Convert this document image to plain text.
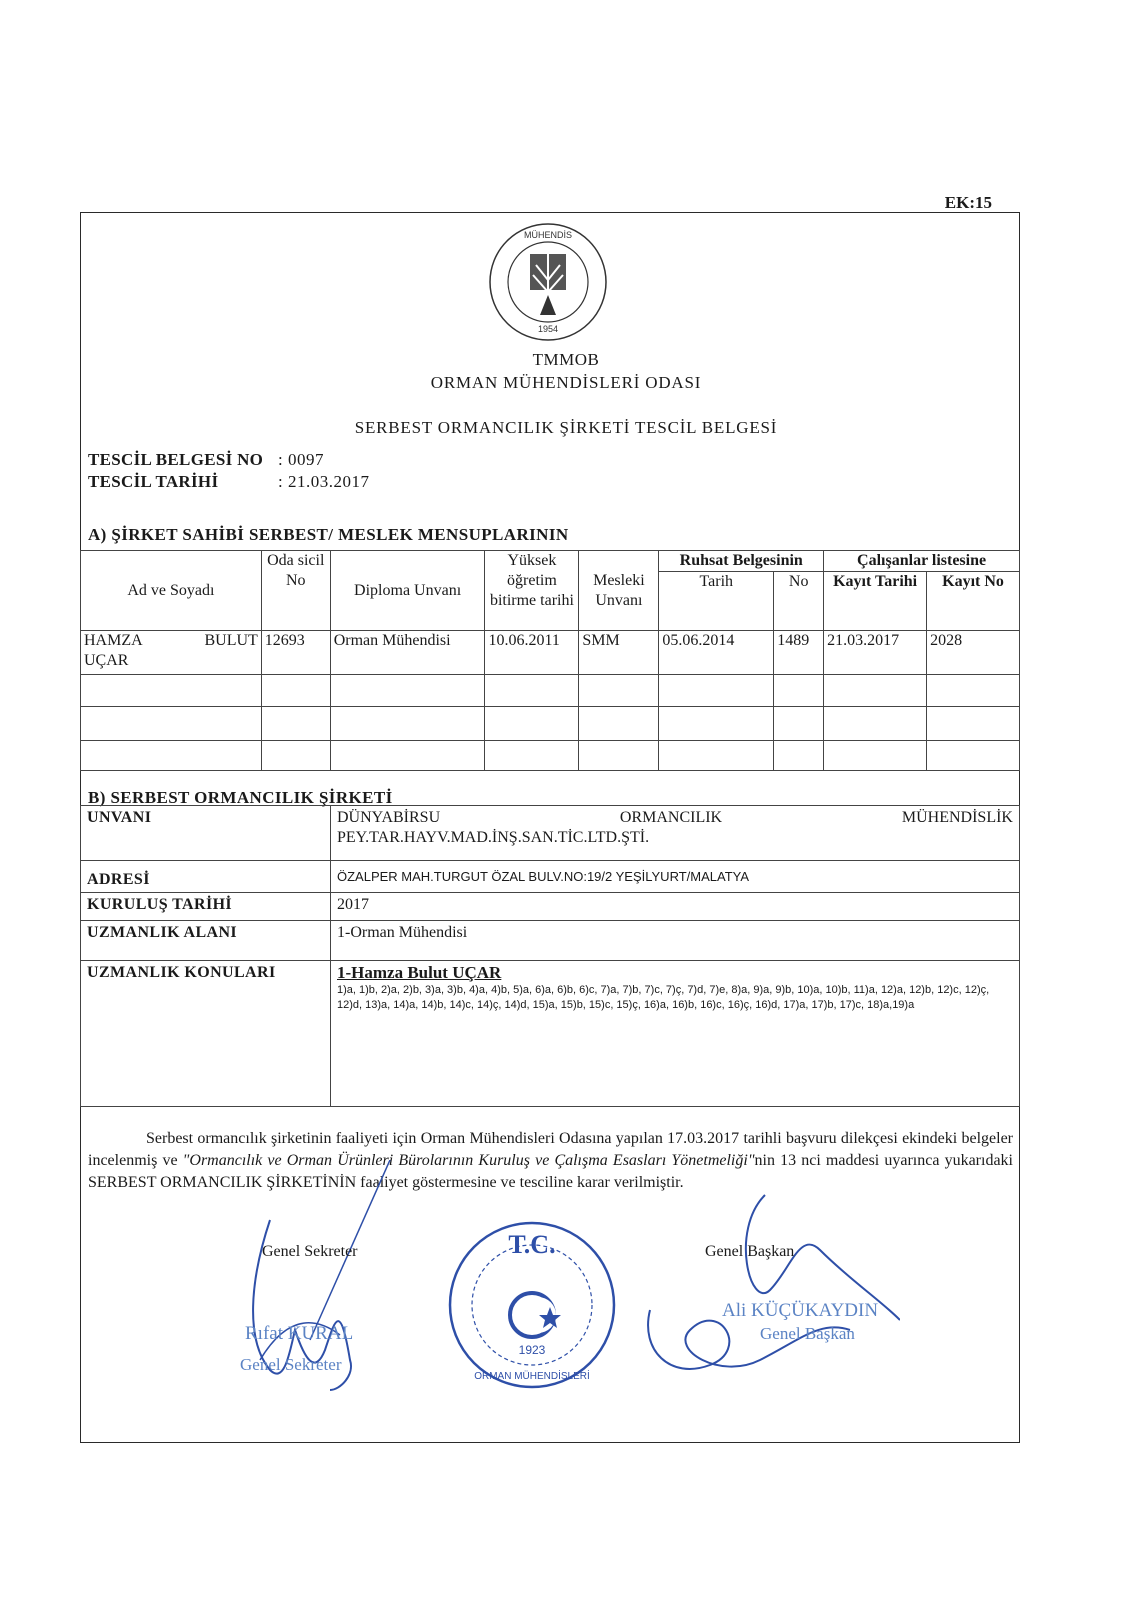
EK:15
MÜHENDİS
1954
TMMOB
ORMAN MÜHENDİSLERİ ODASI
SERBEST ORMANCILIK ŞİRKETİ TESCİL BELGESİ
TESCİL BELGESİ NO : 0097
TESCİL TARİHİ	: 21.03.2017
A) ŞİRKET SAHİBİ SERBEST/ MESLEK MENSUPLARININ
Ad ve Soyadı	Oda sicil No	Diploma Unvanı	Yüksek öğretim bitirme tarihi	Mesleki Unvanı	Ruhsat Belgesinin		Çalışanlar listesine	
					Tarih	No	Kayıt Tarihi	Kayıt No

HAMZA BULUT
UÇAR	12693	Orman Mühendisi	10.06.2011	SMM	05.06.2014	1489	21.03.2017	2028

B) SERBEST ORMANCILIK ŞİRKETİ
UNVANI	DÜNYABİRSU ORMANCILIK MÜHENDİSLİK
PEY.TAR.HAYV.MAD.İNŞ.SAN.TİC.LTD.ŞTİ.

ADRESİ	ÖZALPER MAH.TURGUT ÖZAL BULV.NO:19/2 YEŞİLYURT/MALATYA
KURULUŞ TARİHİ	2017
UZMANLIK ALANI	1-Orman Mühendisi
UZMANLIK KONULARI	1-Hamza Bulut UÇAR
1)a, 1)b, 2)a, 2)b, 3)a, 3)b, 4)a, 4)b, 5)a, 6)a, 6)b, 6)c, 7)a, 7)b, 7)c, 7)ç, 7)d, 7)e, 8)a, 9)a, 9)b, 10)a, 10)b, 11)a, 12)a, 12)b, 12)c, 12)ç, 12)d, 13)a, 14)a, 14)b, 14)c, 14)ç, 14)d, 15)a, 15)b, 15)c, 15)ç, 16)a, 16)b, 16)c, 16)ç, 16)d, 17)a, 17)b, 17)c, 18)a,19)a
Serbest ormancılık şirketinin faaliyeti için Orman Mühendisleri Odasına yapılan 17.03.2017 tarihli başvuru dilekçesi ekindeki belgeler incelenmiş ve "Ormancılık ve Orman Ürünleri Bürolarının Kuruluş ve Çalışma Esasları Yönetmeliği"nin 13 nci maddesi uyarınca yukarıdaki SERBEST ORMANCILIK ŞİRKETİNİN faaliyet göstermesine ve tesciline karar verilmiştir.
Genel Sekreter
Rıfat KURAL
Genel Sekreter
T.C.
1923
ORMAN MÜHENDİSLERİ
Genel Başkan
Ali KÜÇÜKAYDIN
Genel Başkan
